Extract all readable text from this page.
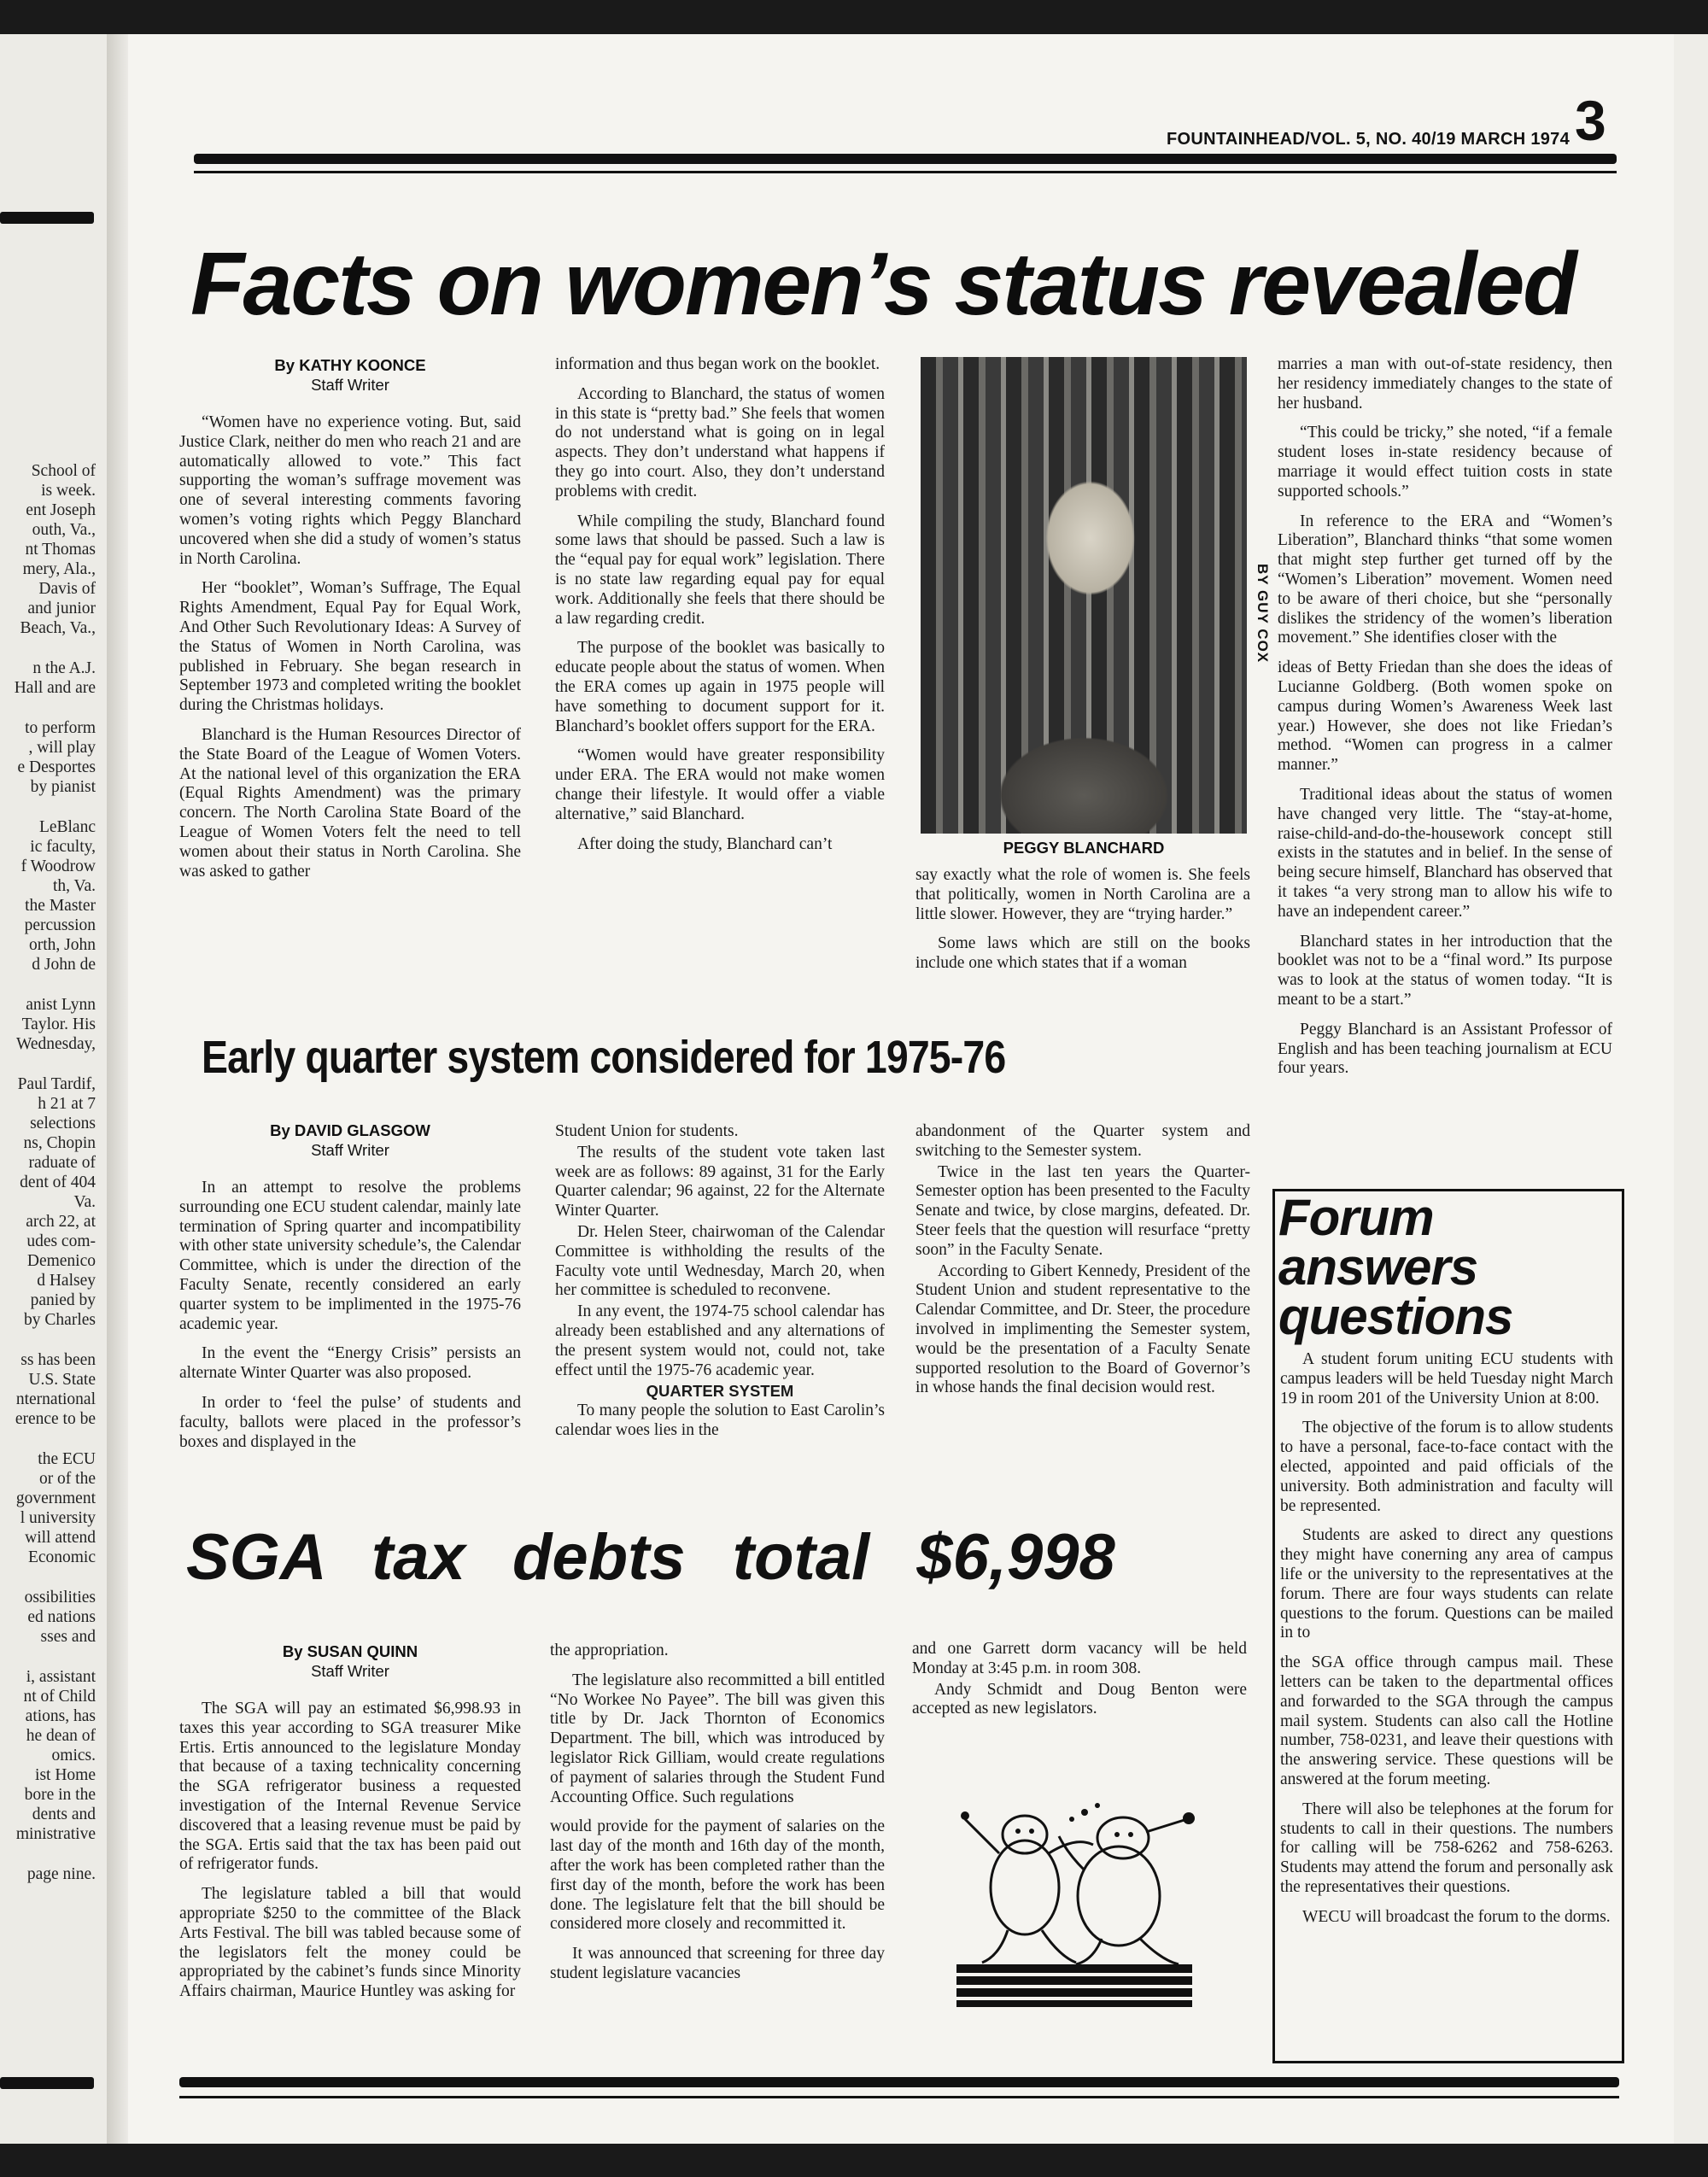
School of
is week.
ent Joseph
outh, Va.,
nt Thomas
mery, Ala.,
Davis of
and junior
Beach, Va.,
n the A.J.
Hall and are
to perform
, will play
e Desportes
by pianist
LeBlanc
ic faculty,
f Woodrow
th, Va.
the Master
percussion
orth, John
d John de
anist Lynn
Taylor. His
Wednesday,
Paul Tardif,
h 21 at 7
selections
ns, Chopin
raduate of
dent of 404
Va.
arch 22, at
udes com-
Demenico
d Halsey
panied by
by Charles
ss has been
U.S. State
nternational
erence to be
the ECU
or of the
government
l university
will attend
Economic
ossibilities
ed nations
sses and
i, assistant
nt of Child
ations, has
he dean of
omics.
ist Home
bore in the
dents and
ministrative
page nine.
FOUNTAINHEAD/VOL. 5, NO. 40/19 MARCH 1974 3
Facts on women’s status revealed
By KATHY KOONCE
Staff Writer

“Women have no experience voting. But, said Justice Clark, neither do men who reach 21 and are automatically allowed to vote.” This fact supporting the woman’s suffrage movement was one of several interesting comments favoring women’s voting rights which Peggy Blanchard uncovered when she did a study of women’s status in North Carolina.

Her “booklet”, Woman’s Suffrage, The Equal Rights Amendment, Equal Pay for Equal Work, And Other Such Revolutionary Ideas: A Survey of the Status of Women in North Carolina, was published in February. She began research in September 1973 and completed writing the booklet during the Christmas holidays.

Blanchard is the Human Resources Director of the State Board of the League of Women Voters. At the national level of this organization the ERA (Equal Rights Amendment) was the primary concern. The North Carolina State Board of the League of Women Voters felt the need to tell women about their status in North Carolina. She was asked to gather

information and thus began work on the booklet.

According to Blanchard, the status of women in this state is “pretty bad.” She feels that women do not understand what is going on in legal aspects. They don’t understand what happens if they go into court. Also, they don’t understand problems with credit.

While compiling the study, Blanchard found some laws that should be passed. Such a law is the “equal pay for equal work” legislation. There is no state law regarding equal pay for equal work. Additionally she feels that there should be a law regarding credit.

The purpose of the booklet was basically to educate people about the status of women. When the ERA comes up again in 1975 people will have something to document support for it. Blanchard’s booklet offers support for the ERA.

“Women would have greater responsibility under ERA. The ERA would not make women change their lifestyle. It would offer a viable alternative,” said Blanchard.

After doing the study, Blanchard can’t

BY GUY COX
PEGGY BLANCHARD

say exactly what the role of women is. She feels that politically, women in North Carolina are a little slower. However, they are “trying harder.”

Some laws which are still on the books include one which states that if a woman

marries a man with out-of-state residency, then her residency immediately changes to the state of her husband.

“This could be tricky,” she noted, “if a female student loses in-state residency because of marriage it would effect tuition costs in state supported schools.”

In reference to the ERA and “Women’s Liberation”, Blanchard thinks “that some women that might step further get turned off by the “Women’s Liberation” movement. Women need to be aware of theri choice, but she “personally dislikes the stridency of the women’s liberation movement.” She identifies closer with the

ideas of Betty Friedan than she does the ideas of Lucianne Goldberg. (Both women spoke on campus during Women’s Awareness Week last year.) However, she does not like Friedan’s method. “Women can progress in a calmer manner.”

Traditional ideas about the status of women have changed very little. The “stay-at-home, raise-child-and-do-the-housework concept still exists in the statutes and in belief. In the sense of being secure himself, Blanchard has observed that it takes “a very strong man to allow his wife to have an independent career.”

Blanchard states in her introduction that the booklet was not to be a “final word.” Its purpose was to look at the status of women today. “It is meant to be a start.”

Peggy Blanchard is an Assistant Professor of English and has been teaching journalism at ECU four years.

Early quarter system considered for 1975-76
By DAVID GLASGOW
Staff Writer

In an attempt to resolve the problems surrounding one ECU student calendar, mainly late termination of Spring quarter and incompatibility with other state university schedule’s, the Calendar Committee, which is under the direction of the Faculty Senate, recently considered an early quarter system to be implimented in the 1975-76 academic year.

In the event the “Energy Crisis” persists an alternate Winter Quarter was also proposed.

In order to ‘feel the pulse’ of students and faculty, ballots were placed in the professor’s boxes and displayed in the

Student Union for students.

The results of the student vote taken last week are as follows: 89 against, 31 for the Early Quarter calendar; 96 against, 22 for the Alternate Winter Quarter.

Dr. Helen Steer, chairwoman of the Calendar Committee is withholding the results of the Faculty vote until Wednesday, March 20, when her committee is scheduled to reconvene.

In any event, the 1974-75 school calendar has already been established and any alternations of the present system would not, could not, take effect until the 1975-76 academic year.

QUARTER SYSTEM

To many people the solution to East Carolin’s calendar woes lies in the

abandonment of the Quarter system and switching to the Semester system.

Twice in the last ten years the Quarter-Semester option has been presented to the Faculty Senate and twice, by close margins, defeated. Dr. Steer feels that the question will resurface “pretty soon” in the Faculty Senate.

According to Gibert Kennedy, President of the Student Union and student representative to the Calendar Committee, and Dr. Steer, the procedure involved in implimenting the Semester system, would be the presentation of a Faculty Senate supported resolution to the Board of Governor’s in whose hands the final decision would rest.

SGA tax debts total $6,998
By SUSAN QUINN
Staff Writer

The SGA will pay an estimated $6,998.93 in taxes this year according to SGA treasurer Mike Ertis. Ertis announced to the legislature Monday that because of a taxing technicality concerning the SGA refrigerator business a requested investigation of the Internal Revenue Service discovered that a leasing revenue must be paid by the SGA. Ertis said that the tax has been paid out of refrigerator funds.

The legislature tabled a bill that would appropriate $250 to the committee of the Black Arts Festival. The bill was tabled because some of the legislators felt the money could be appropriated by the cabinet’s funds since Minority Affairs chairman, Maurice Huntley was asking for

the appropriation.

The legislature also recommitted a bill entitled “No Workee No Payee”. The bill was given this title by Dr. Jack Thornton of Economics Department. The bill, which was introduced by legislator Rick Gilliam, would create regulations of payment of salaries through the Student Fund Accounting Office. Such regulations

would provide for the payment of salaries on the last day of the month and 16th day of the month, after the work has been completed rather than the first day of the month, before the work has been done. The legislature felt that the bill should be considered more closely and recommitted it.

It was announced that screening for three day student legislature vacancies

and one Garrett dorm vacancy will be held Monday at 3:45 p.m. in room 308.

Andy Schmidt and Doug Benton were accepted as new legislators.

Forum
answers
questions

A student forum uniting ECU students with campus leaders will be held Tuesday night March 19 in room 201 of the University Union at 8:00.

The objective of the forum is to allow students to have a personal, face-to-face contact with the elected, appointed and paid officials of the university. Both administration and faculty will be represented.

Students are asked to direct any questions they might have conerning any area of campus life or the university to the representatives at the forum. There are four ways students can relate questions to the forum. Questions can be mailed in to

the SGA office through campus mail. These letters can be taken to the departmental offices and forwarded to the SGA through the campus mail system. Students can also call the Hotline number, 758-0231, and leave their questions with the answering service. These questions will be answered at the forum meeting.

There will also be telephones at the forum for students to call in their questions. The numbers for calling will be 758-6262 and 758-6263. Students may attend the forum and personally ask the representatives their questions.

WECU will broadcast the forum to the dorms.
